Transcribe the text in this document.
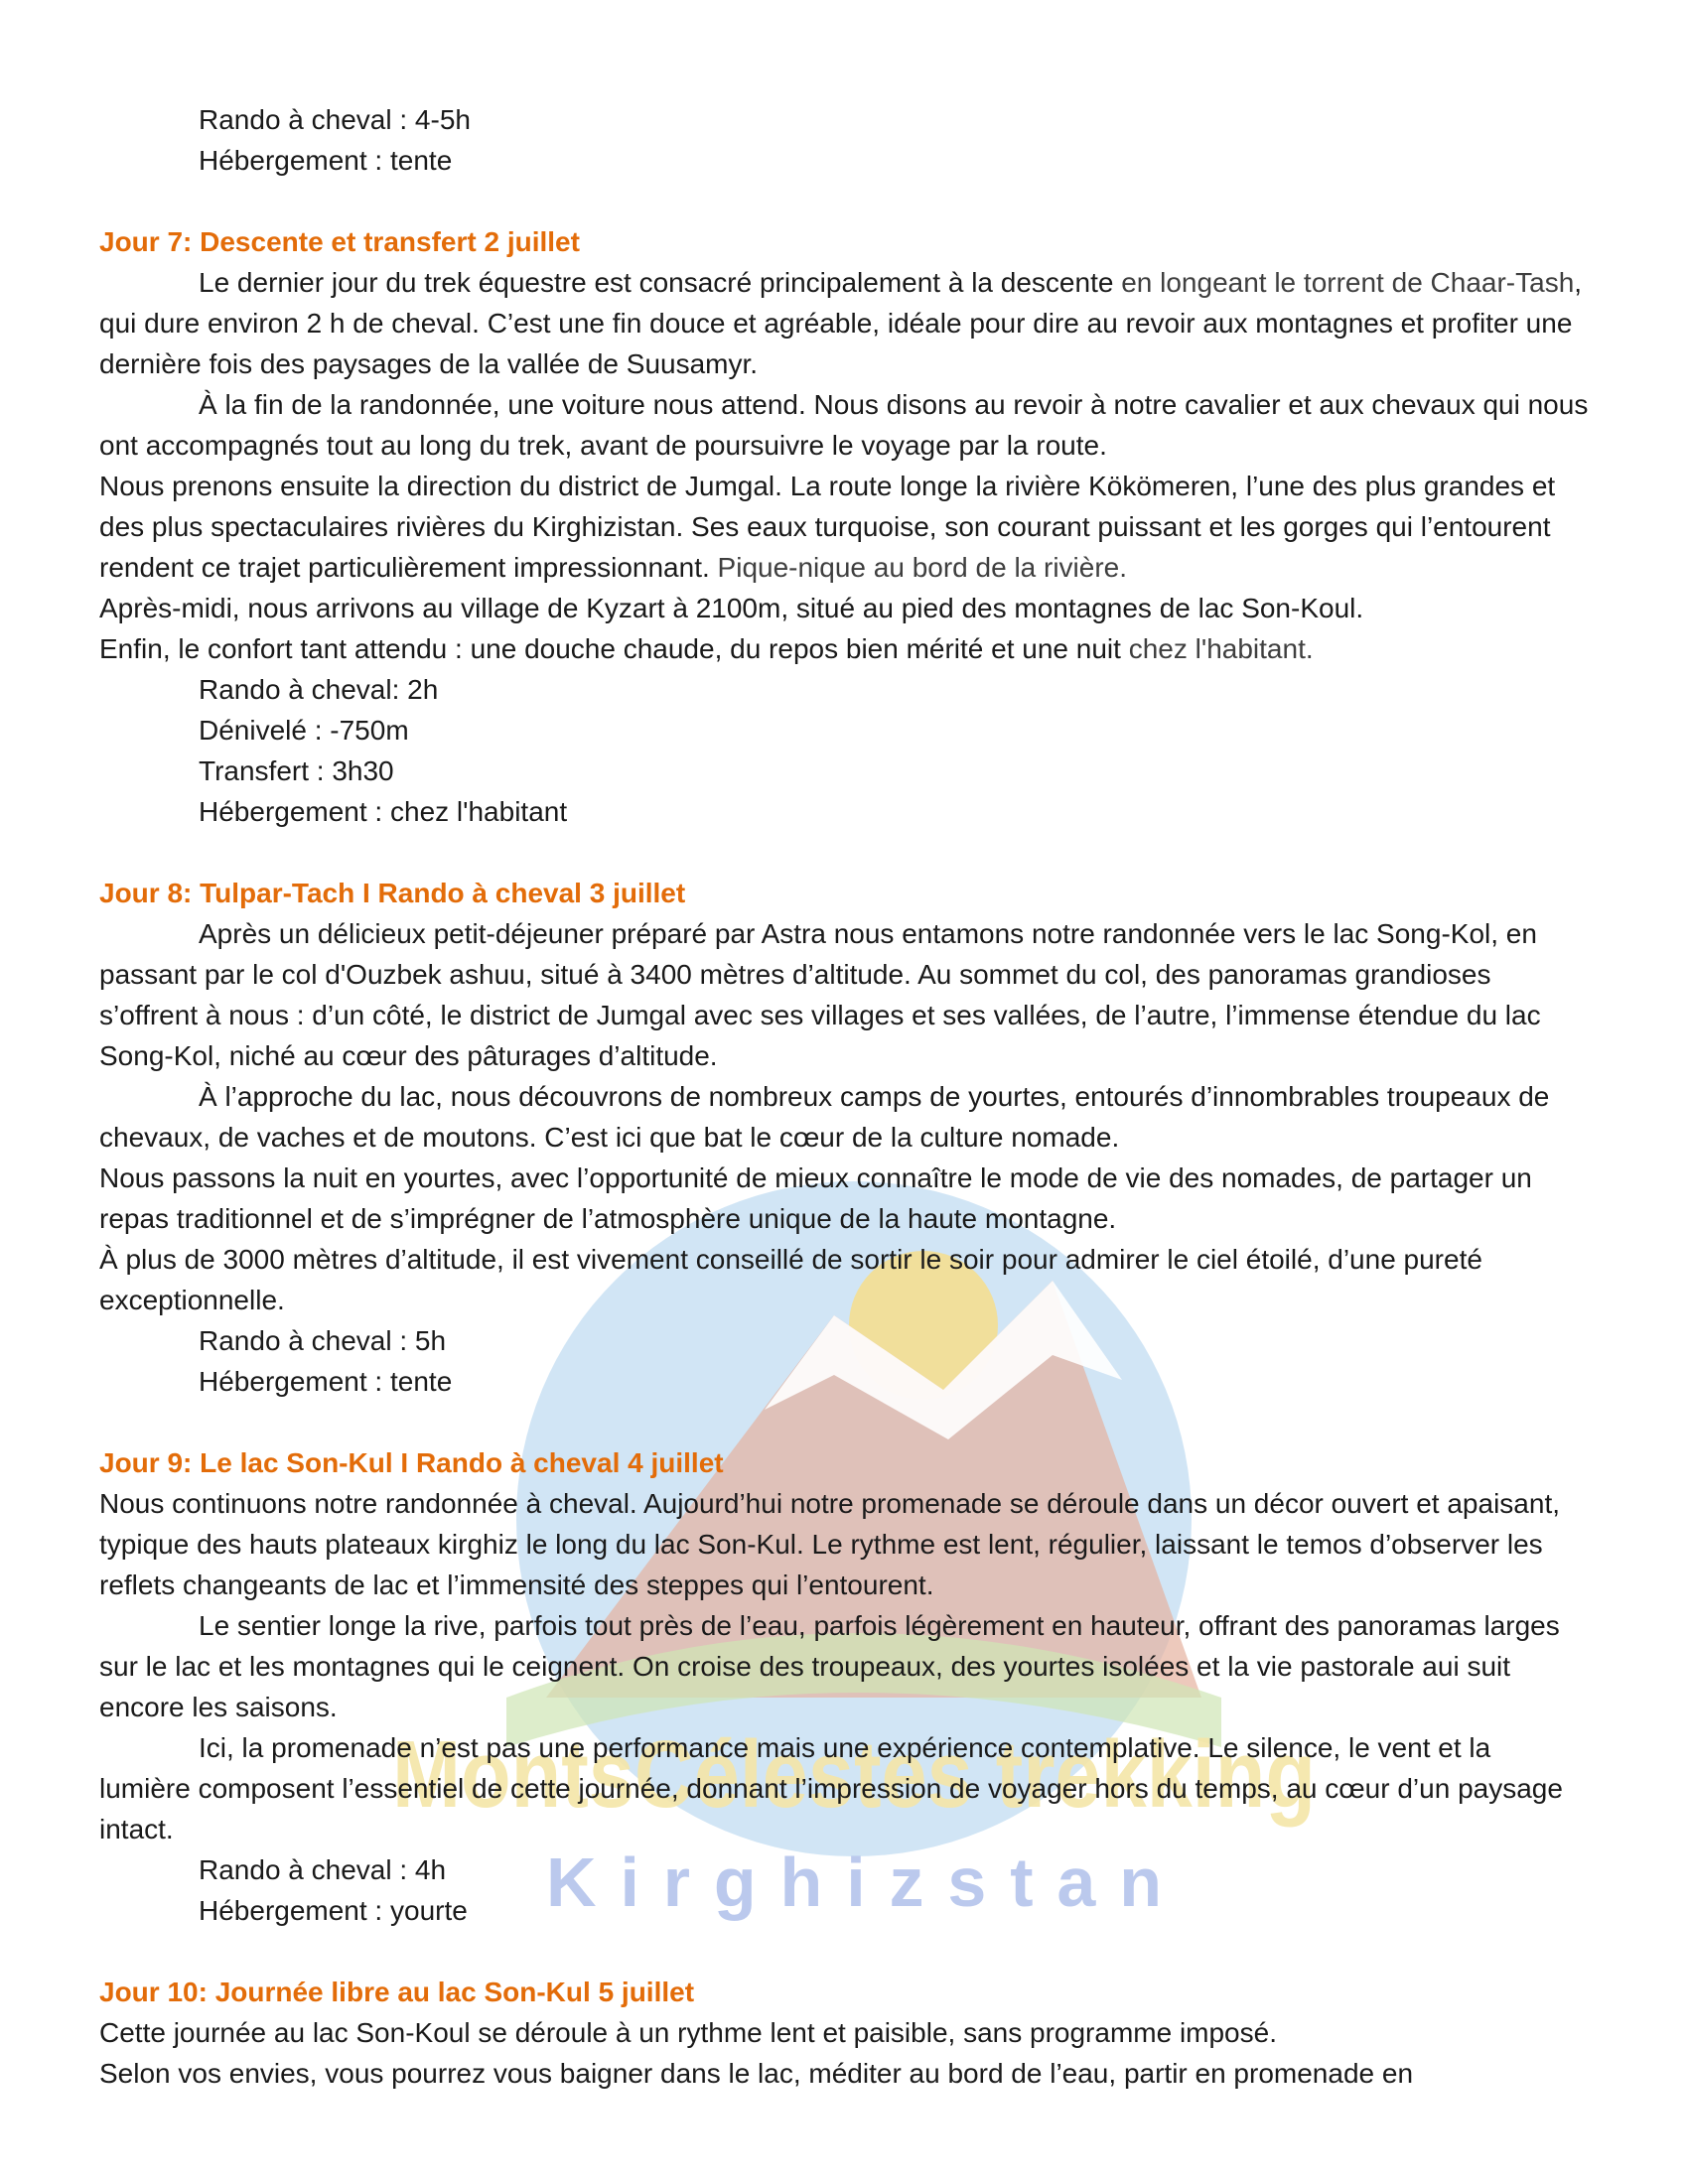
MontsCélestes trekking
Kirghizstan

Rando à cheval : 4-5h

Hébergement : tente

Jour 7: Descente et transfert 2 juillet

Le dernier jour du trek équestre est consacré principalement à la descente en longeant le torrent de Chaar-Tash, qui dure environ 2 h de cheval. C’est une fin douce et agréable, idéale pour dire au revoir aux montagnes et profiter une dernière fois des paysages de la vallée de Suusamyr.

À la fin de la randonnée, une voiture nous attend. Nous disons au revoir à notre cavalier et aux chevaux qui nous ont accompagnés tout au long du trek, avant de poursuivre le voyage par la route.

Nous prenons ensuite la direction du district de Jumgal. La route longe la rivière Kökömeren, l’une des plus grandes et des plus spectaculaires rivières du Kirghizistan. Ses eaux turquoise, son courant puissant et les gorges qui l’entourent rendent ce trajet particulièrement impressionnant. Pique-nique au bord de la rivière.

Après-midi, nous arrivons au village de Kyzart à 2100m, situé au pied des montagnes de lac Son-Koul.

Enfin, le confort tant attendu : une douche chaude, du repos bien mérité et une nuit chez l'habitant.

Rando à cheval: 2h

Dénivelé : -750m

Transfert : 3h30

Hébergement : chez l'habitant

Jour 8: Tulpar-Tach I Rando à cheval 3 juillet

Après un délicieux petit-déjeuner préparé par Astra nous entamons notre randonnée vers le lac Song-Kol, en passant par le col d'Ouzbek ashuu, situé à 3400 mètres d’altitude. Au sommet du col, des panoramas grandioses s’offrent à nous : d’un côté, le district de Jumgal avec ses villages et ses vallées, de l’autre, l’immense étendue du lac Song-Kol, niché au cœur des pâturages d’altitude.

À l’approche du lac, nous découvrons de nombreux camps de yourtes, entourés d’innombrables troupeaux de chevaux, de vaches et de moutons. C’est ici que bat le cœur de la culture nomade.

Nous passons la nuit en yourtes, avec l’opportunité de mieux connaître le mode de vie des nomades, de partager un repas traditionnel et de s’imprégner de l’atmosphère unique de la haute montagne.

À plus de 3000 mètres d’altitude, il est vivement conseillé de sortir le soir pour admirer le ciel étoilé, d’une pureté exceptionnelle.

Rando à cheval : 5h

Hébergement : tente

Jour 9: Le lac Son-Kul I Rando à cheval 4 juillet

Nous continuons notre randonnée à cheval. Aujourd’hui notre promenade se déroule dans un décor ouvert et apaisant, typique des hauts plateaux kirghiz le long du lac Son-Kul. Le rythme est lent, régulier, laissant le temos d’observer les reflets changeants de lac et l’immensité des steppes qui l’entourent.

Le sentier longe la rive, parfois tout près de l’eau, parfois légèrement en hauteur, offrant des panoramas larges sur le lac et les montagnes qui le ceignent. On croise des troupeaux, des yourtes isolées et la vie pastorale aui suit encore les saisons.

Ici, la promenade n’est pas une performance mais une expérience contemplative. Le silence, le vent et la lumière composent l’essentiel de cette journée, donnant l’impression de voyager hors du temps, au cœur d’un paysage intact.

Rando à cheval : 4h

Hébergement : yourte

Jour 10: Journée libre au lac Son-Kul 5 juillet

Cette journée au lac Son-Koul se déroule à un rythme lent et paisible, sans programme imposé.

Selon vos envies, vous pourrez vous baigner dans le lac, méditer au bord de l’eau, partir en promenade en
